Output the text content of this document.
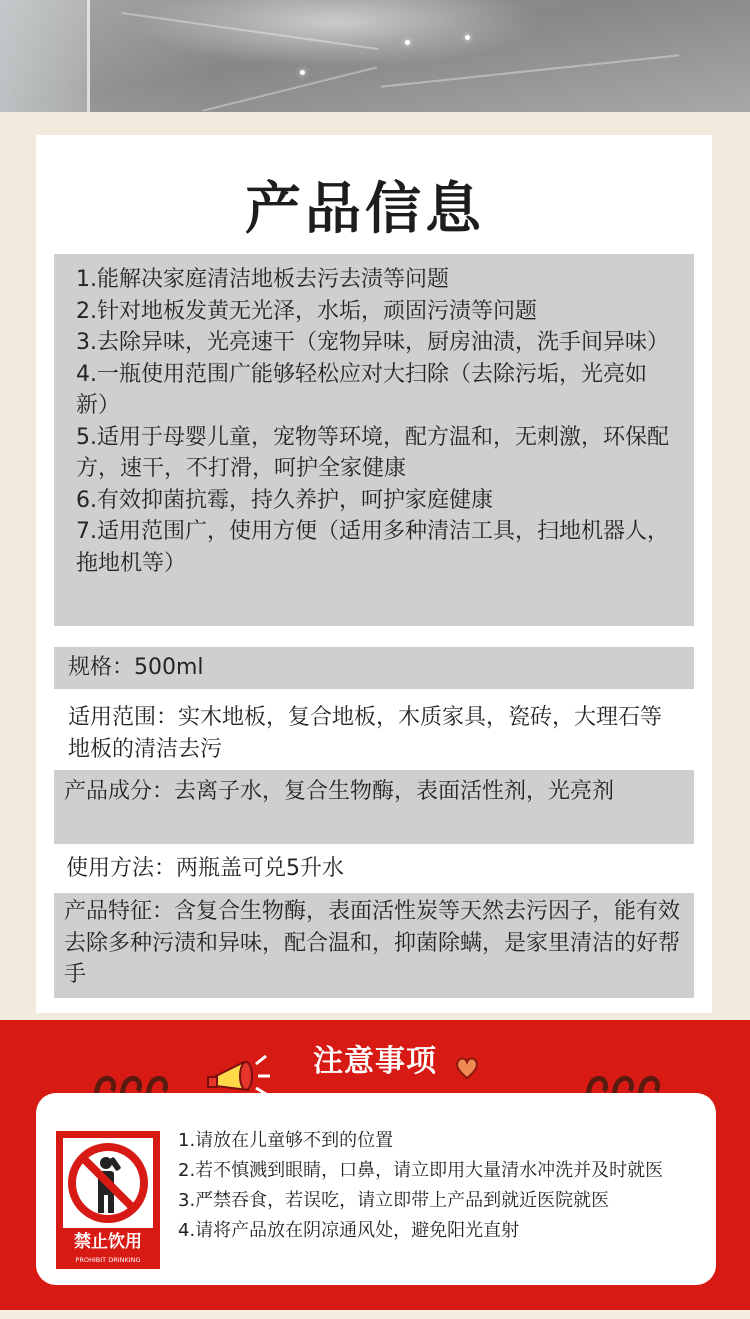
产品信息
1.能解决家庭清洁地板去污去渍等问题
2.针对地板发黄无光泽，水垢，顽固污渍等问题
3.去除异味，光亮速干（宠物异味，厨房油渍，洗手间异味）
4.一瓶使用范围广能够轻松应对大扫除（去除污垢，光亮如新）
5.适用于母婴儿童，宠物等环境，配方温和，无刺激，环保配方，速干，不打滑，呵护全家健康
6.有效抑菌抗霉，持久养护，呵护家庭健康
7.适用范围广，使用方便（适用多种清洁工具，扫地机器人，拖地机等）
规格：500ml
适用范围：实木地板，复合地板，木质家具，瓷砖，大理石等地板的清洁去污
产品成分：去离子水，复合生物酶，表面活性剂，光亮剂
使用方法：两瓶盖可兑5升水
产品特征：含复合生物酶，表面活性炭等天然去污因子，能有效去除多种污渍和异味，配合温和，抑菌除螨，是家里清洁的好帮手
注意事项
禁止饮用
PROHIBIT DRINKING
1.请放在儿童够不到的位置
2.若不慎溅到眼睛，口鼻，请立即用大量清水冲洗并及时就医
3.严禁吞食，若误吃，请立即带上产品到就近医院就医
4.请将产品放在阴凉通风处，避免阳光直射
